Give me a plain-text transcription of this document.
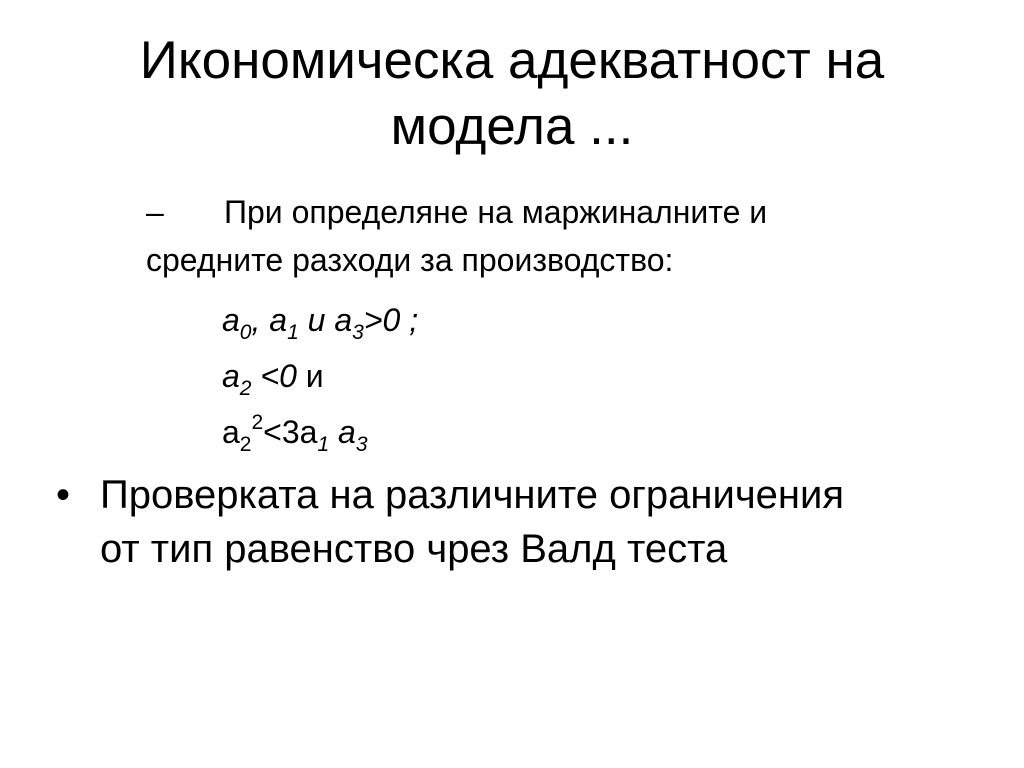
Икономическа адекватност на
модела ...
– При определяне на маржиналните и
средните разходи за производство:
$a_0$, $a_1$ и $a_3>0$ ;
$a_2 <0$ и
$a_2^2<3a_1$ $a_3$
• Проверката на различните ограничения
от тип равенство чрез Валд теста
